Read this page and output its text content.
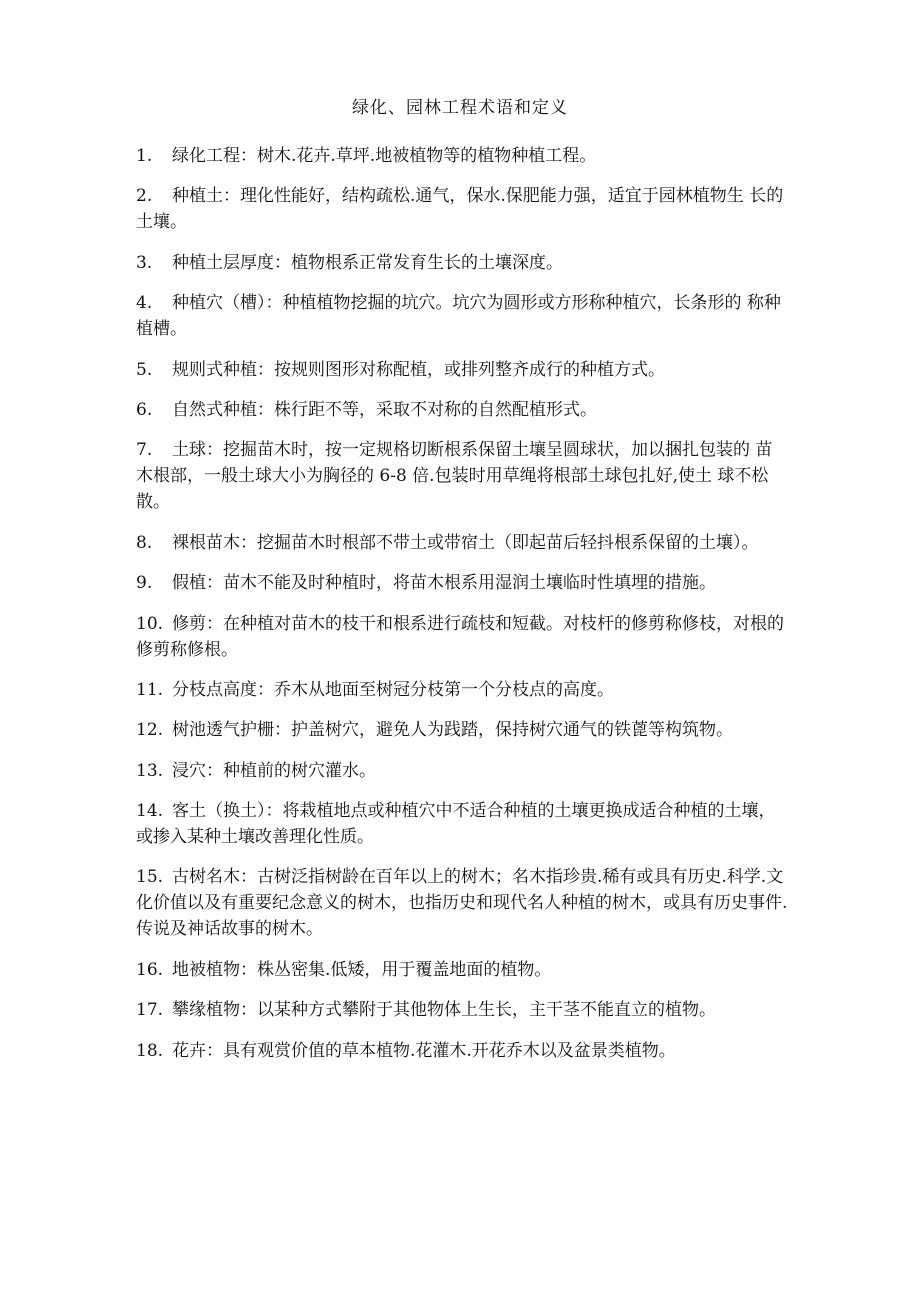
绿化、园林工程术语和定义
1. 绿化工程：树木.花卉.草坪.地被植物等的植物种植工程。
2. 种植土：理化性能好，结构疏松.通气，保水.保肥能力强，适宜于园林植物生 长的土壤。
3. 种植土层厚度：植物根系正常发育生长的土壤深度。
4. 种植穴（槽）：种植植物挖掘的坑穴。坑穴为圆形或方形称种植穴，长条形的 称种植槽。
5. 规则式种植：按规则图形对称配植，或排列整齐成行的种植方式。
6. 自然式种植：株行距不等，采取不对称的自然配植形式。
7. 土球：挖掘苗木时，按一定规格切断根系保留土壤呈圆球状，加以捆扎包装的 苗木根部，一般土球大小为胸径的 6-8 倍.包装时用草绳将根部土球包扎好,使土 球不松散。
8. 裸根苗木：挖掘苗木时根部不带土或带宿土（即起苗后轻抖根系保留的土壤）。
9. 假植：苗木不能及时种植时，将苗木根系用湿润土壤临时性填埋的措施。
10. 修剪：在种植对苗木的枝干和根系进行疏枝和短截。对枝杆的修剪称修枝，对根的修剪称修根。
11. 分枝点高度：乔木从地面至树冠分枝第一个分枝点的高度。
12. 树池透气护栅：护盖树穴，避免人为践踏，保持树穴通气的铁蓖等构筑物。
13. 浸穴：种植前的树穴灌水。
14. 客土（换土）：将栽植地点或种植穴中不适合种植的土壤更换成适合种植的土壤，或掺入某种土壤改善理化性质。
15. 古树名木：古树泛指树龄在百年以上的树木；名木指珍贵.稀有或具有历史.科学.文化价值以及有重要纪念意义的树木，也指历史和现代名人种植的树木，或具有历史事件.传说及神话故事的树木。
16. 地被植物：株丛密集.低矮，用于覆盖地面的植物。
17. 攀缘植物：以某种方式攀附于其他物体上生长，主干茎不能直立的植物。
18. 花卉：具有观赏价值的草本植物.花灌木.开花乔木以及盆景类植物。
